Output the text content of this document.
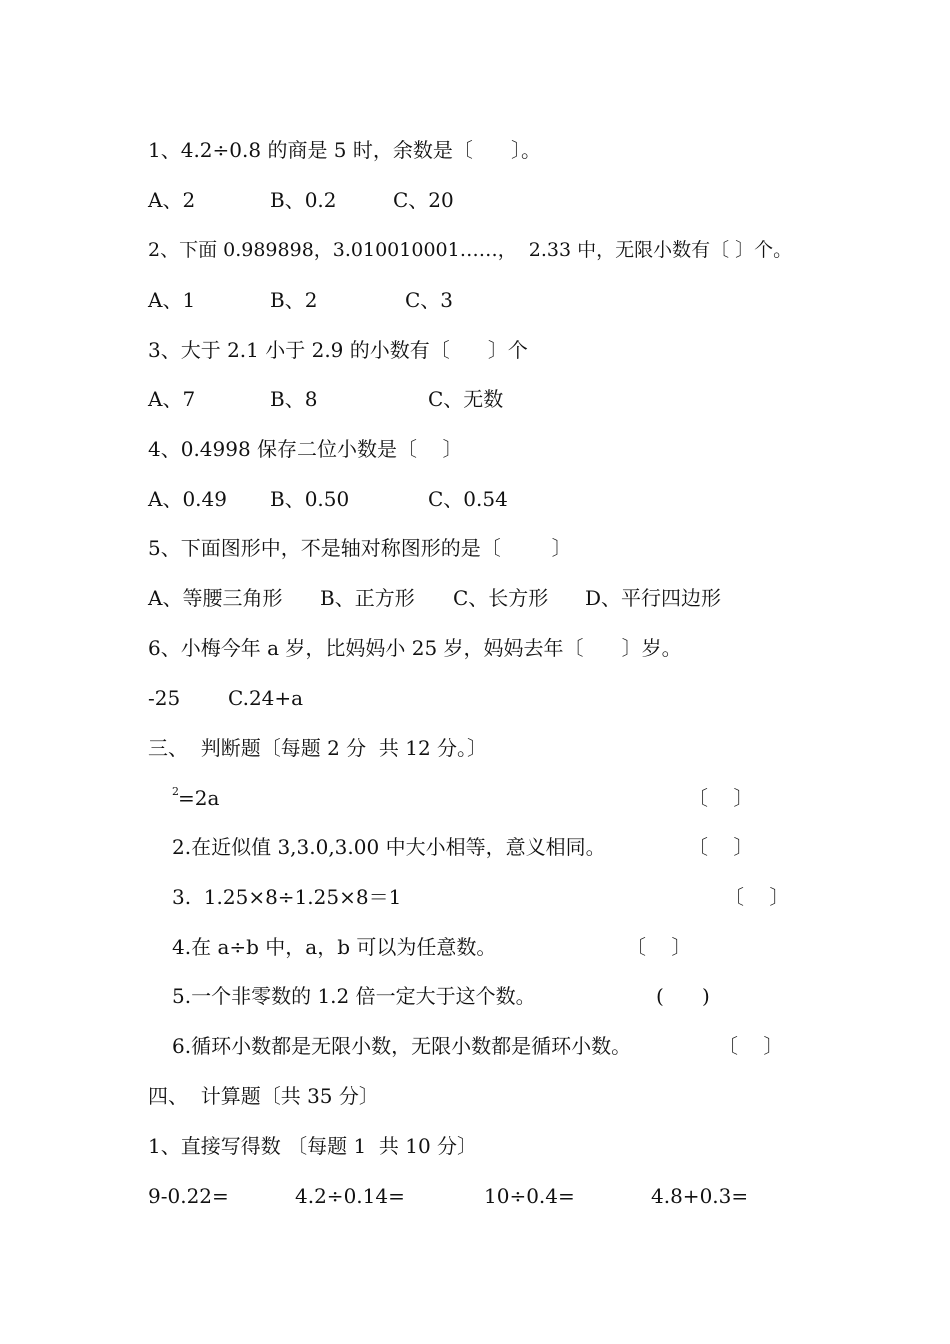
1、4.2÷0.8 的商是 5 时，余数是〔      〕。
A、2	B、0.2	C、20
2、下面 0.989898，3.010010001……，  2.33 中，无限小数有〔 〕个。
A、1	B、2	C、3
3、大于 2.1 小于 2.9 的小数有〔      〕个
A、7	B、8	C、无数
4、0.4998 保存二位小数是〔    〕
A、0.49 B、0.50	C、0.54
5、下面图形中，不是轴对称图形的是〔        〕
A、等腰三角形 B、正方形 C、长方形 D、平行四边形
6、小梅今年 a 岁，比妈妈小 25 岁，妈妈去年〔      〕岁。
-25 C.24+a
三、  判断题〔每题 2 分  共 12 分。〕
2 =2a	〔    〕
2.在近似值 3,3.0,3.00 中大小相等，意义相同。	〔    〕
3.  1.25×8÷1.25×8＝1	〔    〕
4.在 a÷b 中，a，b 可以为任意数。	〔    〕
5.一个非零数的 1.2 倍一定大于这个数。	(      )
6.循环小数都是无限小数，无限小数都是循环小数。	〔    〕
四、  计算题〔共 35 分〕
1、直接写得数 〔每题 1  共 10 分〕
9-0.22=	4.2÷0.14=	10÷0.4=	4.8+0.3=
